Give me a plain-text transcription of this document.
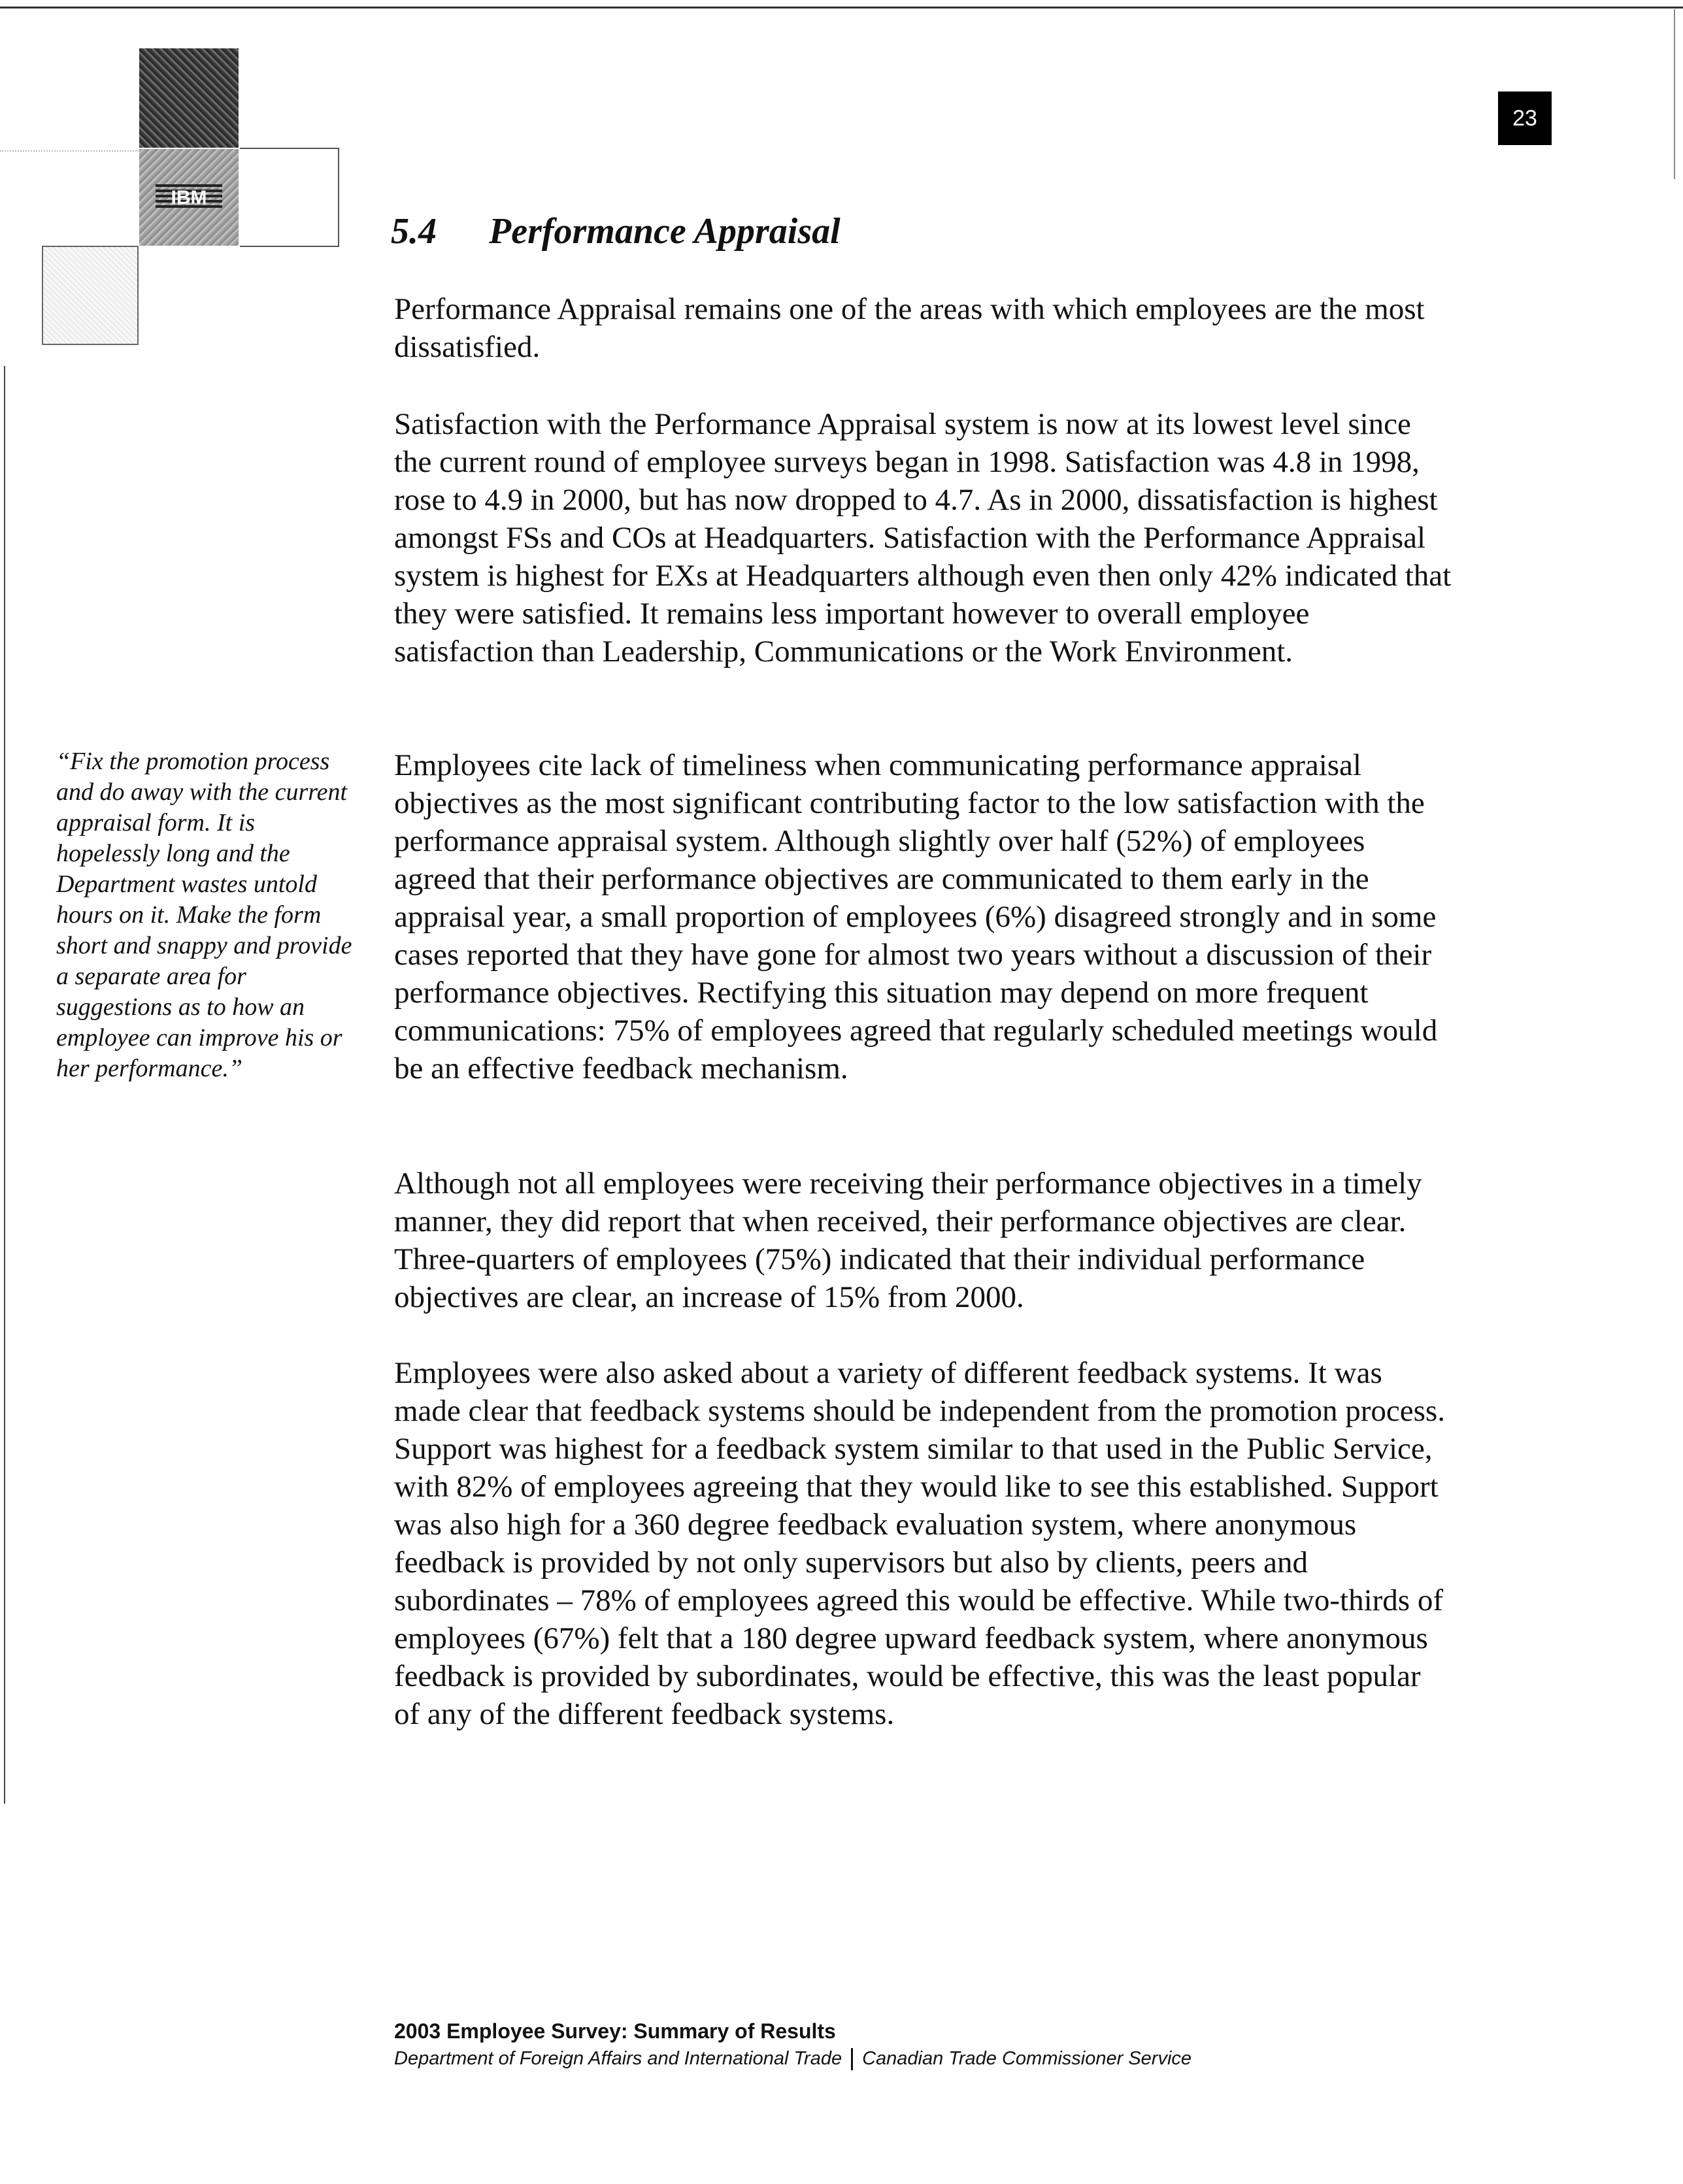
IBM
23
5.4 Performance Appraisal

Performance Appraisal remains one of the areas with which employees are the most dissatisfied.

Satisfaction with the Performance Appraisal system is now at its lowest level since the current round of employee surveys began in 1998. Satisfaction was 4.8 in 1998, rose to 4.9 in 2000, but has now dropped to 4.7. As in 2000, dissatisfaction is highest amongst FSs and COs at Headquarters. Satisfaction with the Performance Appraisal system is highest for EXs at Headquarters although even then only 42% indicated that they were satisfied. It remains less important however to overall employee satisfaction than Leadership, Communications or the Work Environment.

Employees cite lack of timeliness when communicating performance appraisal objectives as the most significant contributing factor to the low satisfaction with the performance appraisal system. Although slightly over half (52%) of employees agreed that their performance objectives are communicated to them early in the appraisal year, a small proportion of employees (6%) disagreed strongly and in some cases reported that they have gone for almost two years without a discussion of their performance objectives. Rectifying this situation may depend on more frequent communications: 75% of employees agreed that regularly scheduled meetings would be an effective feedback mechanism.

Although not all employees were receiving their performance objectives in a timely manner, they did report that when received, their performance objectives are clear. Three-quarters of employees (75%) indicated that their individual performance objectives are clear, an increase of 15% from 2000.

Employees were also asked about a variety of different feedback systems. It was made clear that feedback systems should be independent from the promotion process. Support was highest for a feedback system similar to that used in the Public Service, with 82% of employees agreeing that they would like to see this established. Support was also high for a 360 degree feedback evaluation system, where anonymous feedback is provided by not only supervisors but also by clients, peers and subordinates – 78% of employees agreed this would be effective. While two-thirds of employees (67%) felt that a 180 degree upward feedback system, where anonymous feedback is provided by subordinates, would be effective, this was the least popular of any of the different feedback systems.

“Fix the promotion process and do away with the current appraisal form. It is hopelessly long and the Department wastes untold hours on it. Make the form short and snappy and provide a separate area for suggestions as to how an employee can improve his or her performance.”

2003 Employee Survey: Summary of Results
Department of Foreign Affairs and International Trade Canadian Trade Commissioner Service
